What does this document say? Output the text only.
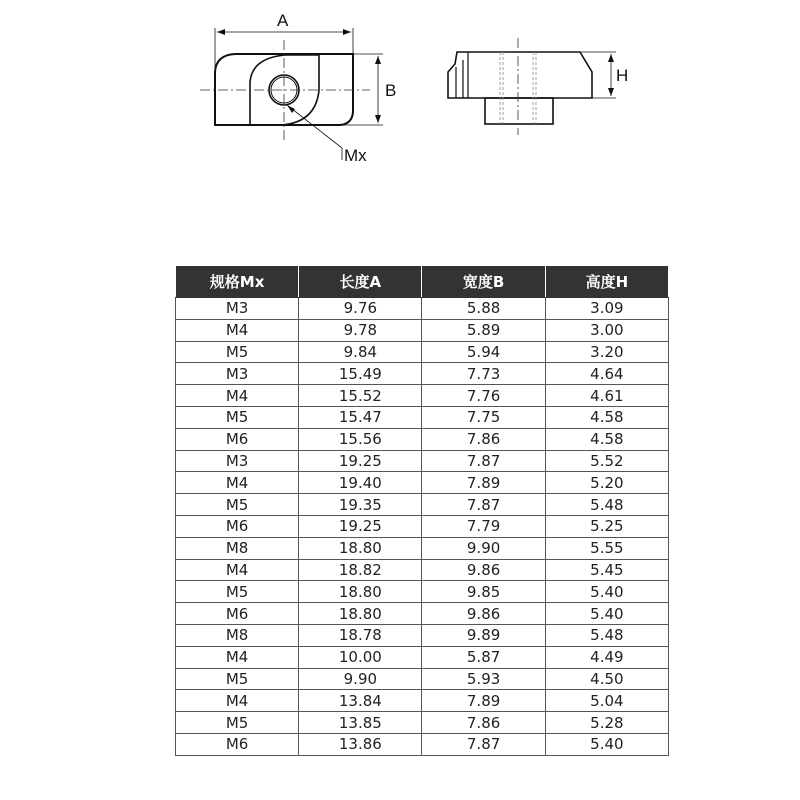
A
B
Mx
H
规格Mx	长度A	宽度B	高度H
M3	9.76	5.88	3.09
M4	9.78	5.89	3.00
M5	9.84	5.94	3.20
M3	15.49	7.73	4.64
M4	15.52	7.76	4.61
M5	15.47	7.75	4.58
M6	15.56	7.86	4.58
M3	19.25	7.87	5.52
M4	19.40	7.89	5.20
M5	19.35	7.87	5.48
M6	19.25	7.79	5.25
M8	18.80	9.90	5.55
M4	18.82	9.86	5.45
M5	18.80	9.85	5.40
M6	18.80	9.86	5.40
M8	18.78	9.89	5.48
M4	10.00	5.87	4.49
M5	9.90	5.93	4.50
M4	13.84	7.89	5.04
M5	13.85	7.86	5.28
M6	13.86	7.87	5.40
